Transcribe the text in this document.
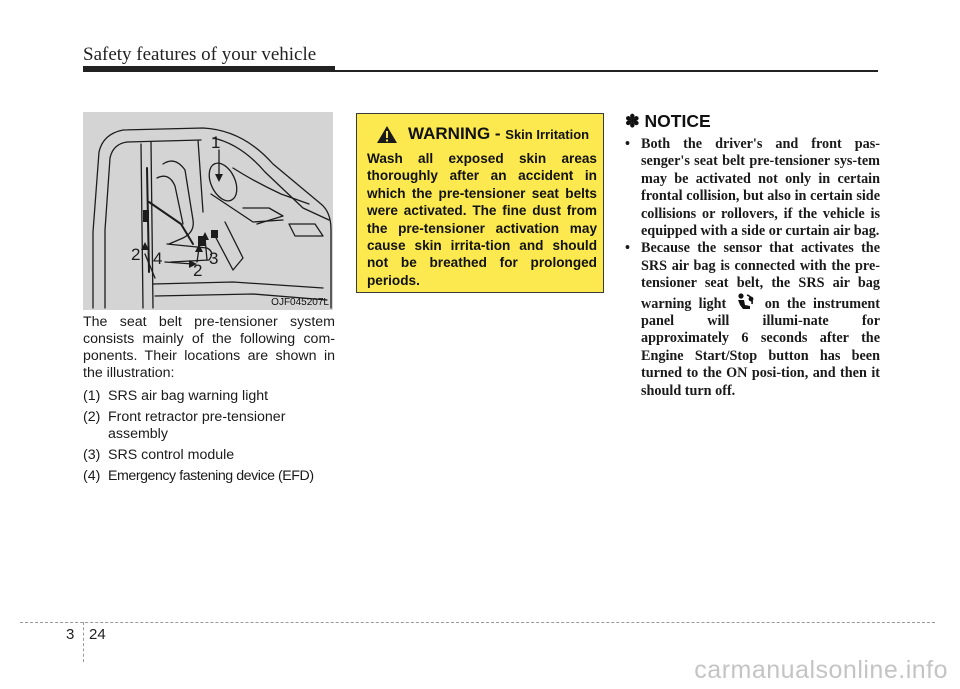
Safety features of your vehicle
1
2 4	3
2
OJF045207L

The seat belt pre-tensioner system consists mainly of the following com-ponents. Their locations are shown in the illustration:

(1) SRS air bag warning light
(2) Front retractor pre-tensioner assembly
(3) SRS control module
(4) Emergency fastening device (EFD)
WARNING - Skin Irritation
Wash all exposed skin areas thoroughly after an accident in which the pre-tensioner seat belts were activated. The fine dust from the pre-tensioner activation may cause skin irrita-tion and should not be breathed for prolonged periods.
✽ NOTICE
• Both the driver's and front pas-senger's seat belt pre-tensioner sys-tem may be activated not only in certain frontal collision, but also in certain side collisions or rollovers, if the vehicle is equipped with a side or curtain air bag.
• Because the sensor that activates the SRS air bag is connected with the pre-tensioner seat belt, the SRS air bag warning light	on the instrument panel will illumi-nate for approximately 6 seconds after the Engine Start/Stop button has been turned to the ON posi-tion, and then it should turn off.
3 24
carmanualsonline.info
